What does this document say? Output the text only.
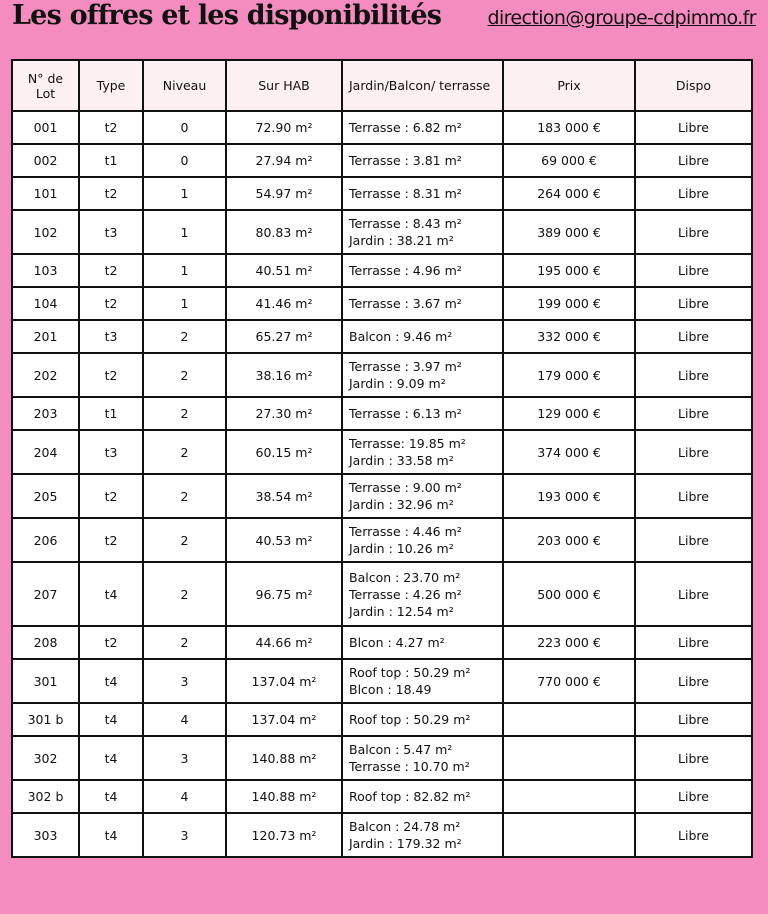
Les offres et les disponibilités direction@groupe-cdpimmo.fr
N° de Lot	Type	Niveau	Sur HAB	Jardin/Balcon/ terrasse	Prix	Dispo
001	t2	0	72.90 m²	Terrasse : 6.82 m²	183 000 €	Libre
002	t1	0	27.94 m²	Terrasse : 3.81 m²	69 000 €	Libre
101	t2	1	54.97 m²	Terrasse : 8.31 m²	264 000 €	Libre
102	t3	1	80.83 m²	Terrasse : 8.43 m²
Jardin : 38.21 m²	389 000 €	Libre
103	t2	1	40.51 m²	Terrasse : 4.96 m²	195 000 €	Libre
104	t2	1	41.46 m²	Terrasse : 3.67 m²	199 000 €	Libre
201	t3	2	65.27 m²	Balcon : 9.46 m²	332 000 €	Libre
202	t2	2	38.16 m²	Terrasse : 3.97 m²
Jardin : 9.09 m²	179 000 €	Libre
203	t1	2	27.30 m²	Terrasse : 6.13 m²	129 000 €	Libre
204	t3	2	60.15 m²	Terrasse: 19.85 m²
Jardin : 33.58 m²	374 000 €	Libre
205	t2	2	38.54 m²	Terrasse : 9.00 m²
Jardin : 32.96 m²	193 000 €	Libre
206	t2	2	40.53 m²	Terrasse : 4.46 m²
Jardin : 10.26 m²	203 000 €	Libre
207	t4	2	96.75 m²	Balcon : 23.70 m²
Terrasse : 4.26 m²
Jardin : 12.54 m²	500 000 €	Libre
208	t2	2	44.66 m²	Blcon : 4.27 m²	223 000 €	Libre
301	t4	3	137.04 m²	Roof top : 50.29 m²
Blcon : 18.49	770 000 €	Libre
301 b	t4	4	137.04 m²	Roof top : 50.29 m²		Libre
302	t4	3	140.88 m²	Balcon : 5.47 m²
Terrasse : 10.70 m²		Libre
302 b	t4	4	140.88 m²	Roof top : 82.82 m²		Libre
303	t4	3	120.73 m²	Balcon : 24.78 m²
Jardin : 179.32 m²		Libre
